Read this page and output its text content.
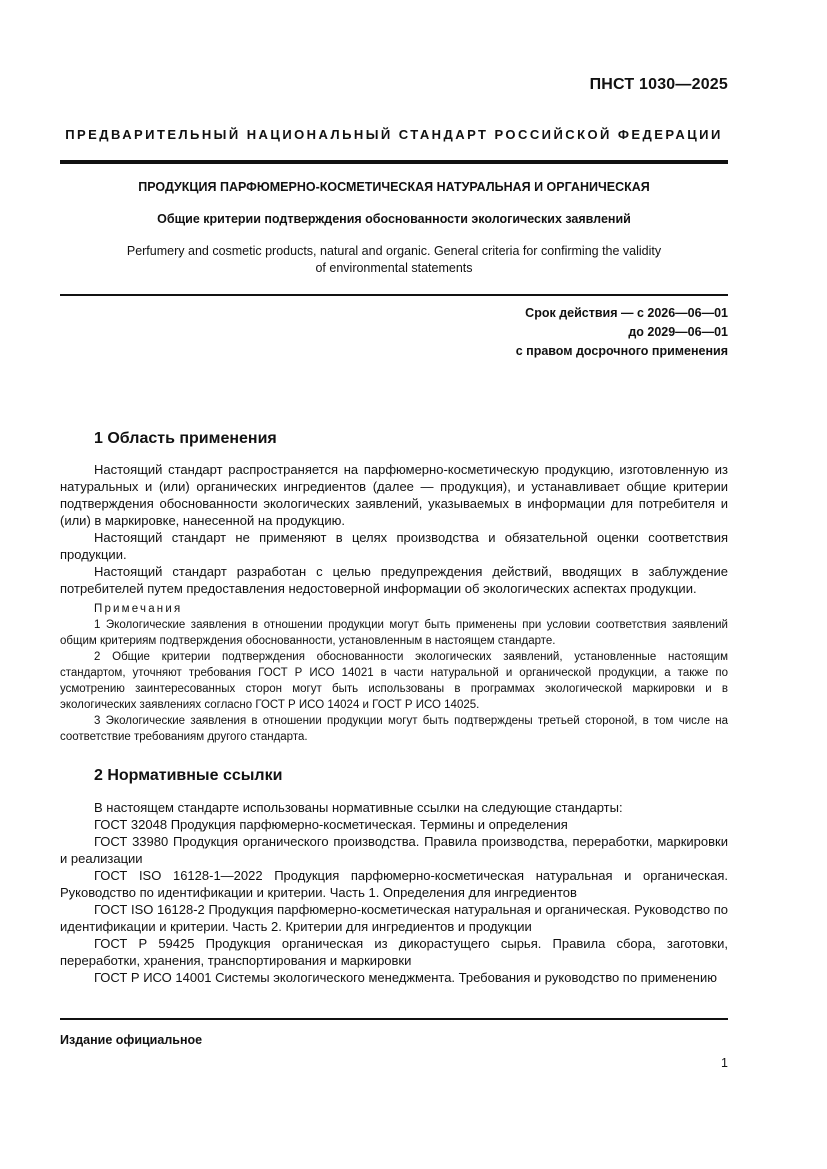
ПНСТ 1030—2025
ПРЕДВАРИТЕЛЬНЫЙ НАЦИОНАЛЬНЫЙ СТАНДАРТ РОССИЙСКОЙ ФЕДЕРАЦИИ
ПРОДУКЦИЯ ПАРФЮМЕРНО-КОСМЕТИЧЕСКАЯ НАТУРАЛЬНАЯ И ОРГАНИЧЕСКАЯ
Общие критерии подтверждения обоснованности экологических заявлений
Perfumery and cosmetic products, natural and organic. General criteria for confirming the validity
of environmental statements
Срок действия — с 2026—06—01
до 2029—06—01
с правом досрочного применения
1 Область применения

Настоящий стандарт распространяется на парфюмерно-косметическую продукцию, изготовленную из натуральных и (или) органических ингредиентов (далее — продукция), и устанавливает общие критерии подтверждения обоснованности экологических заявлений, указываемых в информации для потребителя и (или) в маркировке, нанесенной на продукцию.

Настоящий стандарт не применяют в целях производства и обязательной оценки соответствия продукции.

Настоящий стандарт разработан с целью предупреждения действий, вводящих в заблуждение потребителей путем предоставления недостоверной информации об экологических аспектах продукции.

Примечания

1 Экологические заявления в отношении продукции могут быть применены при условии соответствия заявлений общим критериям подтверждения обоснованности, установленным в настоящем стандарте.

2 Общие критерии подтверждения обоснованности экологических заявлений, установленные настоящим стандартом, уточняют требования ГОСТ Р ИСО 14021 в части натуральной и органической продукции, а также по усмотрению заинтересованных сторон могут быть использованы в программах экологической маркировки и в экологических заявлениях согласно ГОСТ Р ИСО 14024 и ГОСТ Р ИСО 14025.

3 Экологические заявления в отношении продукции могут быть подтверждены третьей стороной, в том числе на соответствие требованиям другого стандарта.

2 Нормативные ссылки

В настоящем стандарте использованы нормативные ссылки на следующие стандарты:

ГОСТ 32048 Продукция парфюмерно-косметическая. Термины и определения

ГОСТ 33980 Продукция органического производства. Правила производства, переработки, маркировки и реализации

ГОСТ ISO 16128-1—2022 Продукция парфюмерно-косметическая натуральная и органическая. Руководство по идентификации и критерии. Часть 1. Определения для ингредиентов

ГОСТ ISO 16128-2 Продукция парфюмерно-косметическая натуральная и органическая. Руководство по идентификации и критерии. Часть 2. Критерии для ингредиентов и продукции

ГОСТ Р 59425 Продукция органическая из дикорастущего сырья. Правила сбора, заготовки, переработки, хранения, транспортирования и маркировки

ГОСТ Р ИСО 14001 Системы экологического менеджмента. Требования и руководство по применению

Издание официальное
1
